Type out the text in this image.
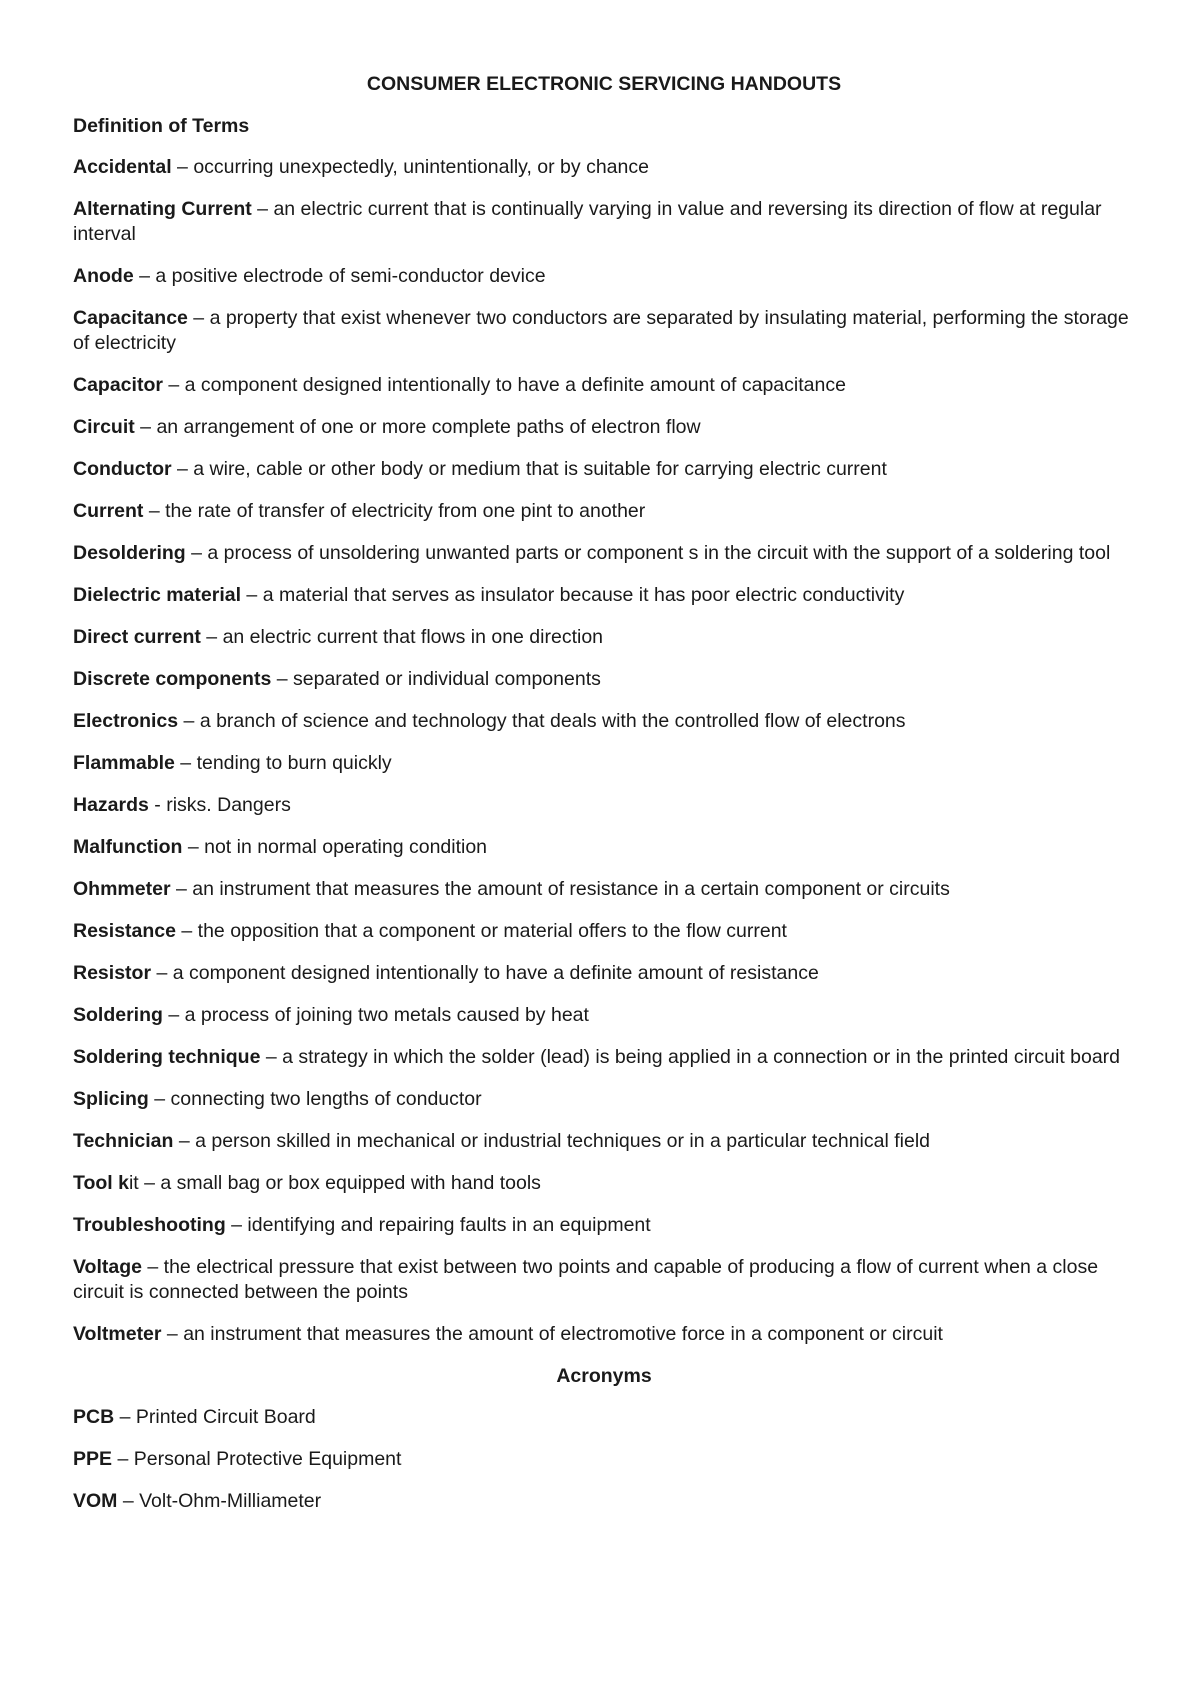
CONSUMER ELECTRONIC SERVICING HANDOUTS
Definition of Terms
Accidental – occurring unexpectedly, unintentionally, or by chance
Alternating Current – an electric current that is continually varying in value and reversing its direction of flow at regular interval
Anode – a positive electrode of semi-conductor device
Capacitance – a property that exist whenever two conductors are separated by insulating material, performing the storage of electricity
Capacitor – a component designed intentionally to have a definite amount of capacitance
Circuit – an arrangement of one or more complete paths of electron flow
Conductor – a wire, cable or other body or medium that is suitable for carrying electric current
Current – the rate of transfer of electricity from one pint to another
Desoldering – a process of unsoldering unwanted parts or component s in the circuit with the support of a soldering tool
Dielectric material – a material that serves as insulator because it has poor electric conductivity
Direct current – an electric current that flows in one direction
Discrete components – separated or individual components
Electronics – a branch of science and technology that deals with the controlled flow of electrons
Flammable – tending to burn quickly
Hazards - risks. Dangers
Malfunction – not in normal operating condition
Ohmmeter – an instrument that measures the amount of resistance in a certain component or circuits
Resistance – the opposition that a component or material offers to the flow current
Resistor – a component designed intentionally to have a definite amount of resistance
Soldering – a process of joining two metals caused by heat
Soldering technique – a strategy in which the solder (lead) is being applied in a connection or in the printed circuit board
Splicing – connecting two lengths of conductor
Technician – a person skilled in mechanical or industrial techniques or in a particular technical field
Tool kit – a small bag or box equipped with hand tools
Troubleshooting – identifying and repairing faults in an equipment
Voltage – the electrical pressure that exist between two points and capable of producing a flow of current when a close circuit is connected between the points
Voltmeter – an instrument that measures the amount of electromotive force in a component or circuit
Acronyms
PCB – Printed Circuit Board
PPE – Personal Protective Equipment
VOM – Volt-Ohm-Milliameter
